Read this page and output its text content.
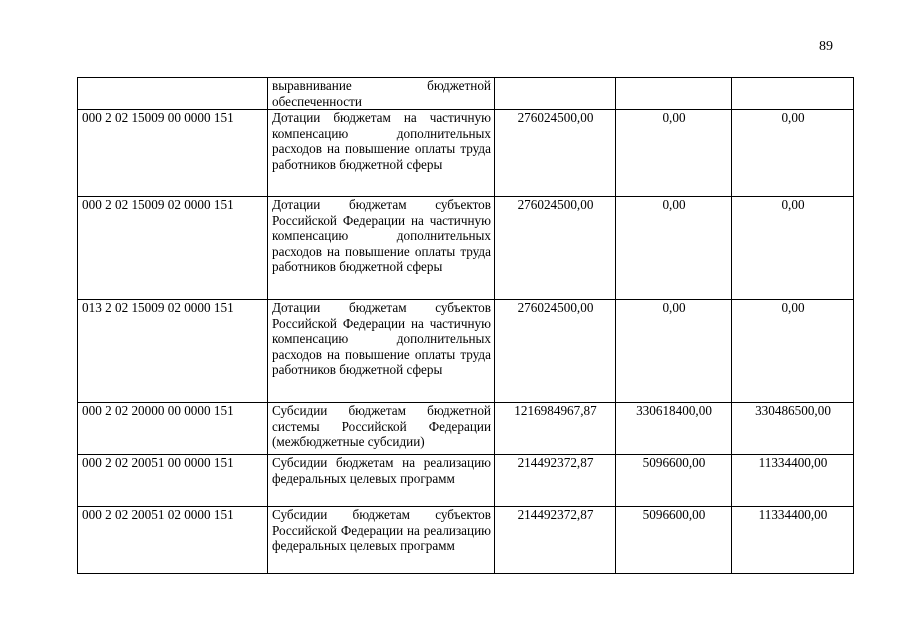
89
	выравнивание бюджетной обеспеченности			
000 2 02 15009 00 0000 151	Дотации бюджетам на частичную компенсацию дополнительных расходов на повышение оплаты труда работников бюджетной сферы	276024500,00	0,00	0,00
000 2 02 15009 02 0000 151	Дотации бюджетам субъектов Российской Федерации на частичную компенсацию дополнительных расходов на повышение оплаты труда работников бюджетной сферы	276024500,00	0,00	0,00
013 2 02 15009 02 0000 151	Дотации бюджетам субъектов Российской Федерации на частичную компенсацию дополнительных расходов на повышение оплаты труда работников бюджетной сферы	276024500,00	0,00	0,00
000 2 02 20000 00 0000 151	Субсидии бюджетам бюджетной системы Российской Федерации (межбюджетные субсидии)	1216984967,87	330618400,00	330486500,00
000 2 02 20051 00 0000 151	Субсидии бюджетам на реализацию федеральных целевых программ	214492372,87	5096600,00	11334400,00
000 2 02 20051 02 0000 151	Субсидии бюджетам субъектов Российской Федерации на реализацию федеральных целевых программ	214492372,87	5096600,00	11334400,00
